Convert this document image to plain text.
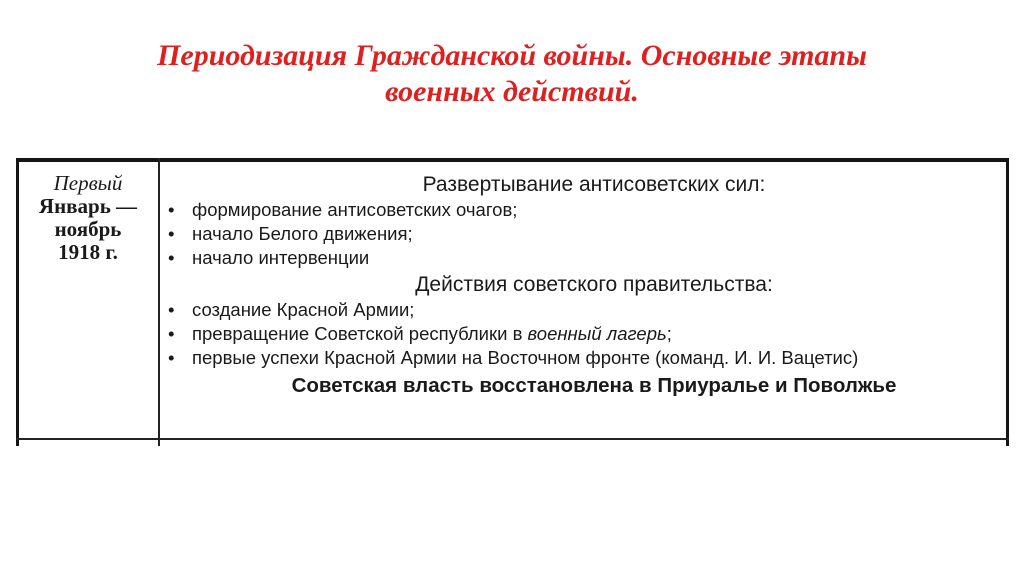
Периодизация Гражданской войны. Основные этапы
военных действий.
Первый
Январь —
ноябрь
1918 г.
Развертывание антисоветских сил:
• формирование антисоветских очагов;
• начало Белого движения;
• начало интервенции
Действия советского правительства:
• создание Красной Армии;
• превращение Советской республики в военный лагерь;
• первые успехи Красной Армии на Восточном фронте (команд. И. И. Вацетис)
Советская власть восстановлена в Приуралье и Поволжье
